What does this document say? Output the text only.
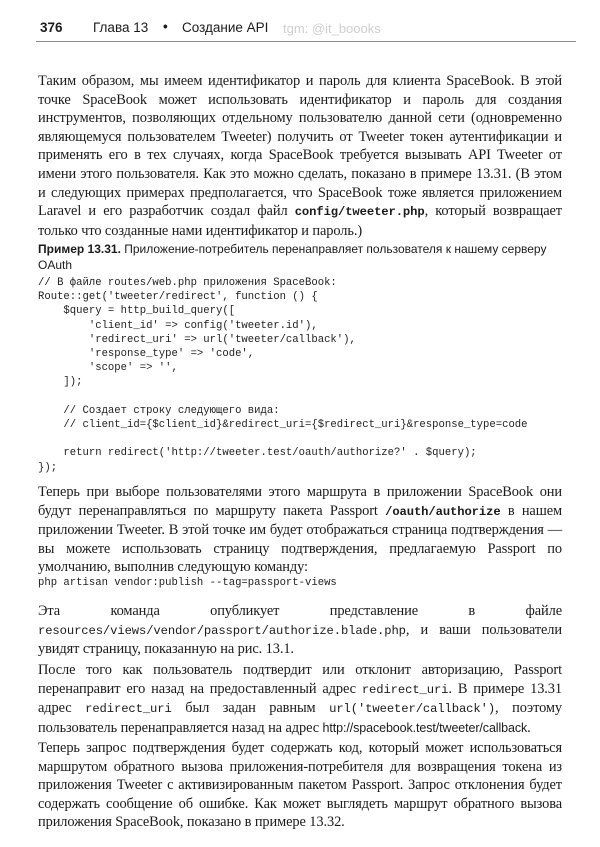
376 Глава 13 • Создание API tgm: @it_boooks

Таким образом, мы имеем идентификатор и пароль для клиента SpaceBook. В этой точке SpaceBook может использовать идентификатор и пароль для создания инструментов, позволяющих отдельному пользователю данной сети (одновременно являющемуся пользователем Tweeter) получить от Tweeter токен аутентификации и применять его в тех случаях, когда SpaceBook требуется вызывать API Tweeter от имени этого пользователя. Как это можно сделать, показано в примере 13.31. (В этом и следующих примерах предполагается, что SpaceBook тоже является приложением Laravel и его разработчик создал файл config/tweeter.php, который возвращает только что созданные нами идентификатор и пароль.)

Пример 13.31. Приложение-потребитель перенаправляет пользователя к нашему серверу OAuth
// В файле routes/web.php приложения SpaceBook:
Route::get('tweeter/redirect', function () {
$query = http_build_query([
'client_id' => config('tweeter.id'),
'redirect_uri' => url('tweeter/callback'),
'response_type' => 'code',
'scope' => '',
]);

// Создает строку следующего вида:
// client_id={$client_id}&redirect_uri={$redirect_uri}&response_type=code

return redirect('http://tweeter.test/oauth/authorize?' . $query);
});

Теперь при выборе пользователями этого маршрута в приложении SpaceBook они будут перенаправляться по маршруту пакета Passport /oauth/authorize в нашем приложении Tweeter. В этой точке им будет отображаться страница подтверждения — вы можете использовать страницу подтверждения, предлагаемую Passport по умолчанию, выполнив следующую команду:

php artisan vendor:publish --tag=passport-views

Эта команда опубликует представление в файле resources/views/vendor/passport/authorize.blade.php, и ваши пользователи увидят страницу, показанную на рис. 13.1.

После того как пользователь подтвердит или отклонит авторизацию, Passport перенаправит его назад на предоставленный адрес redirect_uri. В примере 13.31 адрес redirect_uri был задан равным url('tweeter/callback'), поэтому пользователь перенаправляется назад на адрес http://spacebook.test/tweeter/callback.

Теперь запрос подтверждения будет содержать код, который может использоваться маршрутом обратного вызова приложения-потребителя для возвращения токена из приложения Tweeter с активизированным пакетом Passport. Запрос отклонения будет содержать сообщение об ошибке. Как может выглядеть маршрут обратного вызова приложения SpaceBook, показано в примере 13.32.
